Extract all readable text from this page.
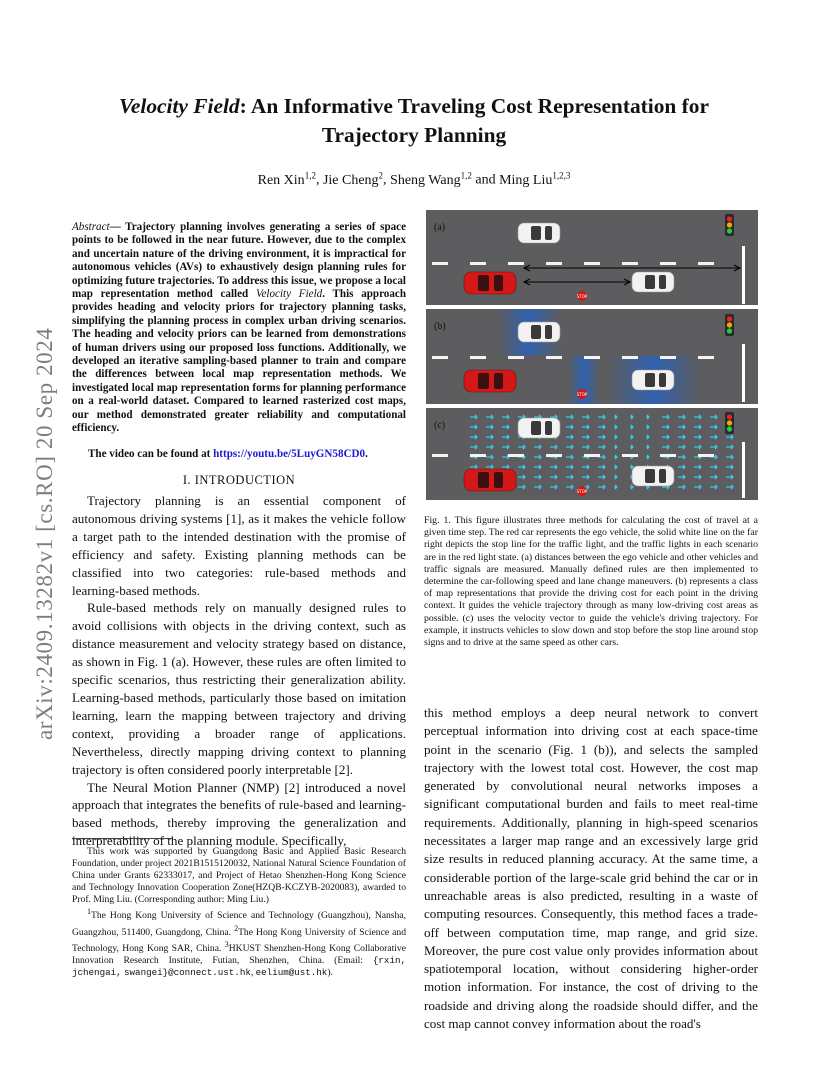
arXiv:2409.13282v1 [cs.RO] 20 Sep 2024
Velocity Field: An Informative Traveling Cost Representation for Trajectory Planning
Ren Xin$^{1,2}$, Jie Cheng$^2$, Sheng Wang$^{1,2}$ and Ming Liu$^{1,2,3}$
Abstract— Trajectory planning involves generating a series of space points to be followed in the near future. However, due to the complex and uncertain nature of the driving environment, it is impractical for autonomous vehicles (AVs) to exhaustively design planning rules for optimizing future trajectories. To address this issue, we propose a local map representation method called Velocity Field. This approach provides heading and velocity priors for trajectory planning tasks, simplifying the planning process in complex urban driving scenarios. The heading and velocity priors can be learned from demonstrations of human drivers using our proposed loss functions. Additionally, we developed an iterative sampling-based planner to train and compare the differences between local map representation methods. We investigated local map representation forms for planning performance on a real-world dataset. Compared to learned rasterized cost maps, our method demonstrated greater reliability and computational efficiency.
The video can be found at https://youtu.be/5LuyGN58CD0.
I. INTRODUCTION

Trajectory planning is an essential component of autonomous driving systems [1], as it makes the vehicle follow a target path to the intended destination with the promise of efficiency and safety. Existing planning methods can be classified into two categories: rule-based methods and learning-based methods.

Rule-based methods rely on manually designed rules to avoid collisions with objects in the driving context, such as distance measurement and velocity strategy based on distance, as shown in Fig. 1 (a). However, these rules are often limited to specific scenarios, thus restricting their generalization ability. Learning-based methods, particularly those based on imitation learning, learn the mapping between trajectory and driving context, providing a broader range of applications. Nevertheless, directly mapping driving context to planning trajectory is often considered poorly interpretable [2].

The Neural Motion Planner (NMP) [2] introduced a novel approach that integrates the benefits of rule-based and learning-based methods, thereby improving the generalization and interpretability of the planning module. Specifically,

This work was supported by Guangdong Basic and Applied Basic Research Foundation, under project 2021B1515120032, National Natural Science Foundation of China under Grants 62333017, and Project of Hetao Shenzhen-Hong Kong Science and Technology Innovation Cooperation Zone(HZQB-KCZYB-2020083), awarded to Prof. Ming Liu. (Corresponding author: Ming Liu.)

$^1$The Hong Kong University of Science and Technology (Guangzhou), Nansha, Guangzhou, 511400, Guangdong, China. $^2$The Hong Kong University of Science and Technology, Hong Kong SAR, China. $^3$HKUST Shenzhen-Hong Kong Collaborative Innovation Research Institute, Futian, Shenzhen, China. (Email: {rxin, jchengai, swangei}@connect.ust.hk, eelium@ust.hk).

(a)
STOP
(b)
STOP
(c)
STOP
Fig. 1. This figure illustrates three methods for calculating the cost of travel at a given time step. The red car represents the ego vehicle, the solid white line on the far right depicts the stop line for the traffic light, and the traffic lights in each scenario are in the red light state. (a) distances between the ego vehicle and other vehicles and traffic signals are measured. Manually defined rules are then implemented to determine the car-following speed and lane change maneuvers. (b) represents a class of map representations that provide the driving cost for each point in the driving context. It guides the vehicle trajectory through as many low-driving cost areas as possible. (c) uses the velocity vector to guide the vehicle's driving trajectory. For example, it instructs vehicles to slow down and stop before the stop line around stop signs and to drive at the same speed as other cars.
this method employs a deep neural network to convert perceptual information into driving cost at each space-time point in the scenario (Fig. 1 (b)), and selects the sampled trajectory with the lowest total cost. However, the cost map generated by convolutional neural networks imposes a significant computational burden and fails to meet real-time requirements. Additionally, planning in high-speed scenarios necessitates a larger map range and an excessively large grid size results in reduced planning accuracy. At the same time, a considerable portion of the large-scale grid behind the car or in unreachable areas is also predicted, resulting in a waste of computing resources. Consequently, this method faces a trade-off between computation time, map range, and grid size. Moreover, the pure cost value only provides information about spatiotemporal location, without considering higher-order motion information. For instance, the cost of driving to the roadside and driving along the roadside should differ, and the cost map cannot convey information about the road's
